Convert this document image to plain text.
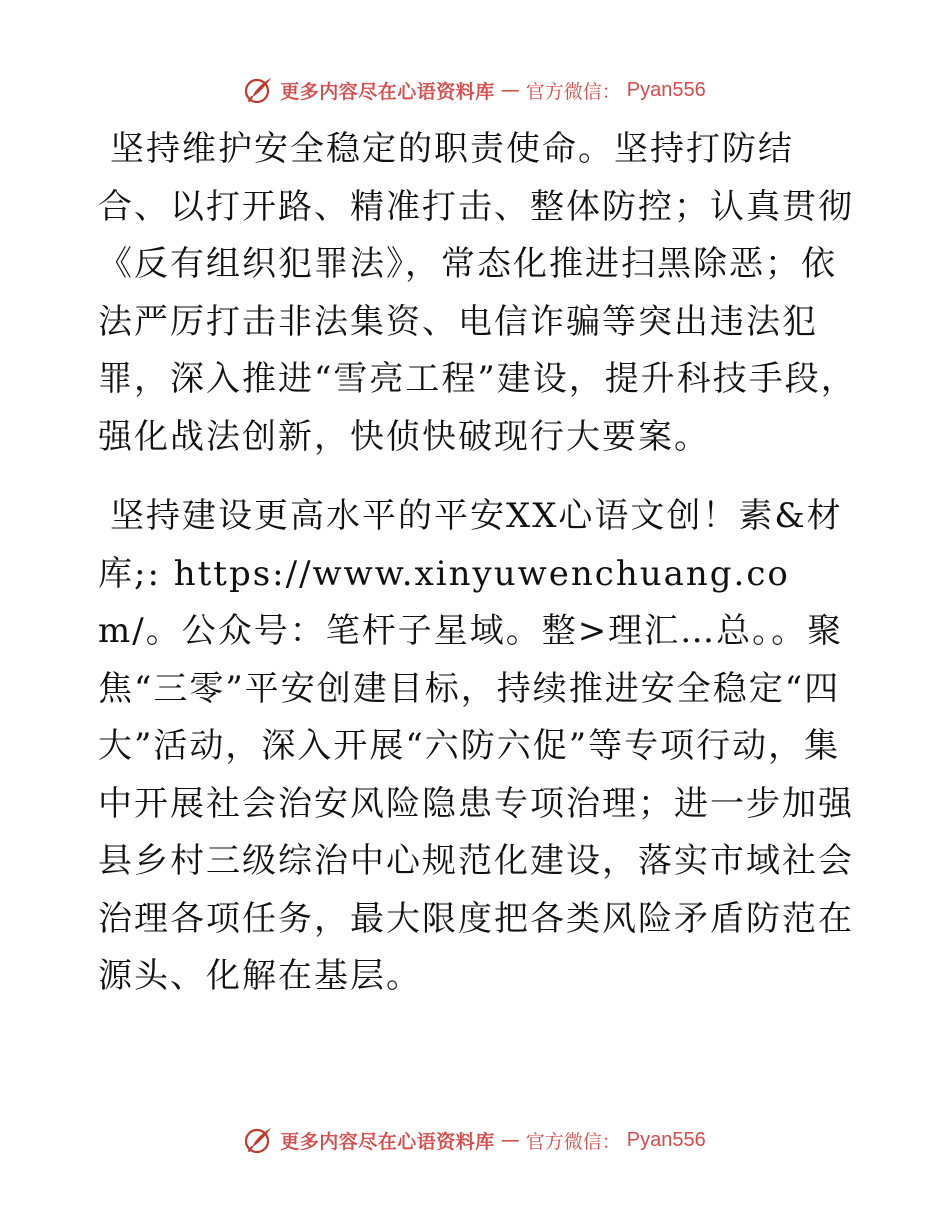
更多内容尽在心语资料库 — 官方微信： Pyan556

坚持维护安全稳定的职责使命。坚持打防结合、以打开路、精准打击、整体防控；认真贯彻《反有组织犯罪法》，常态化推进扫黑除恶；依法严厉打击非法集资、电信诈骗等突出违法犯罪，深入推进“雪亮工程”建设，提升科技手段，强化战法创新，快侦快破现行大要案。

坚持建设更高水平的平安XX心语文创！素&材库;: https://www.xinyuwenchuang.com/。公众号：笔杆子星域。整>理汇…总。。聚焦“三零”平安创建目标，持续推进安全稳定“四大”活动，深入开展“六防六促”等专项行动，集中开展社会治安风险隐患专项治理；进一步加强县乡村三级综治中心规范化建设，落实市域社会治理各项任务，最大限度把各类风险矛盾防范在源头、化解在基层。

更多内容尽在心语资料库 — 官方微信： Pyan556
